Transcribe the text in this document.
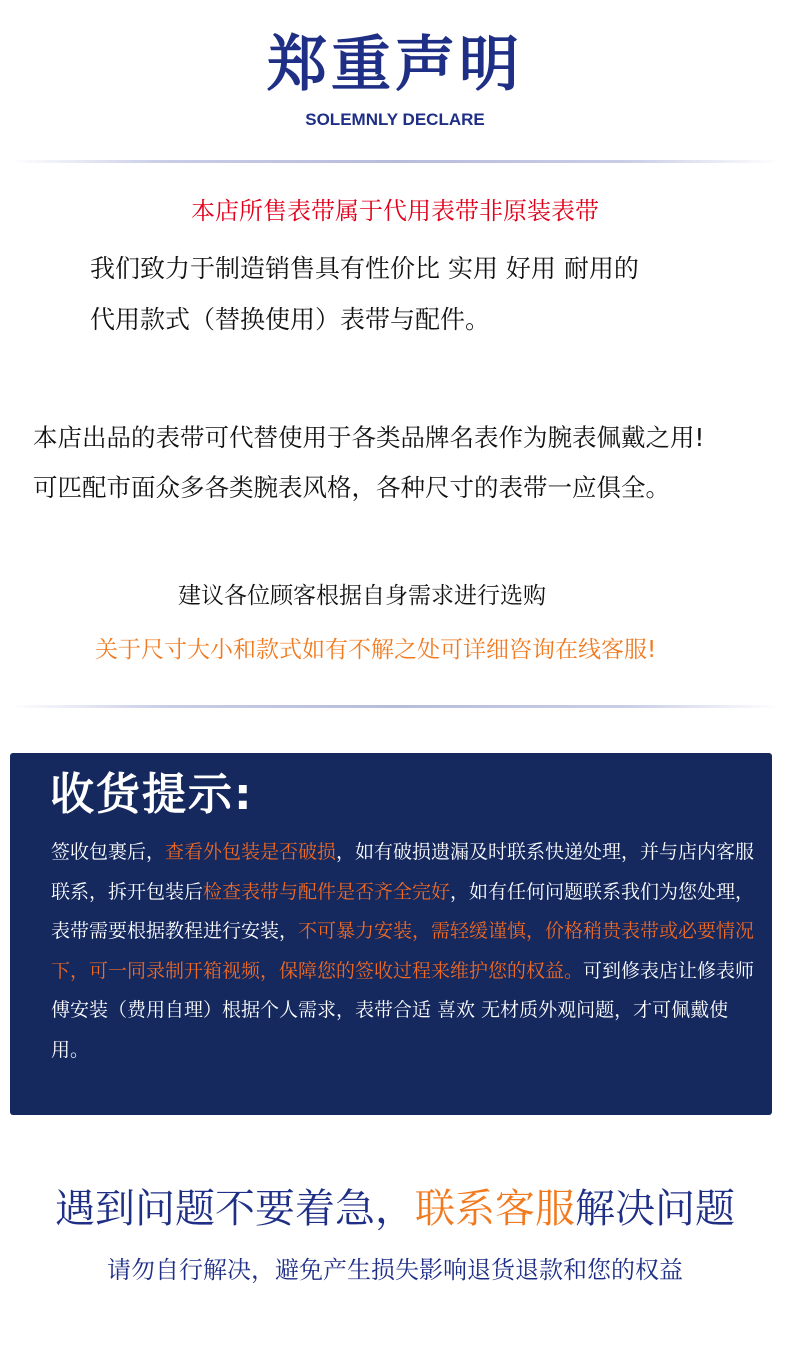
郑重声明
SOLEMNLY DECLARE
本店所售表带属于代用表带非原装表带
我们致力于制造销售具有性价比 实用 好用 耐用的
代用款式（替换使用）表带与配件。
本店出品的表带可代替使用于各类品牌名表作为腕表佩戴之用!
可匹配市面众多各类腕表风格，各种尺寸的表带一应俱全。
建议各位顾客根据自身需求进行选购
关于尺寸大小和款式如有不解之处可详细咨询在线客服!
收货提示:
签收包裹后，查看外包装是否破损，如有破损遗漏及时联系快递处理，并与店内客服联系，拆开包装后检查表带与配件是否齐全完好，如有任何问题联系我们为您处理，表带需要根据教程进行安装，不可暴力安装，需轻缓谨慎，价格稍贵表带或必要情况下，可一同录制开箱视频，保障您的签收过程来维护您的权益。可到修表店让修表师傅安装（费用自理）根据个人需求，表带合适 喜欢 无材质外观问题，才可佩戴使用。
遇到问题不要着急，联系客服解决问题
请勿自行解决，避免产生损失影响退货退款和您的权益
